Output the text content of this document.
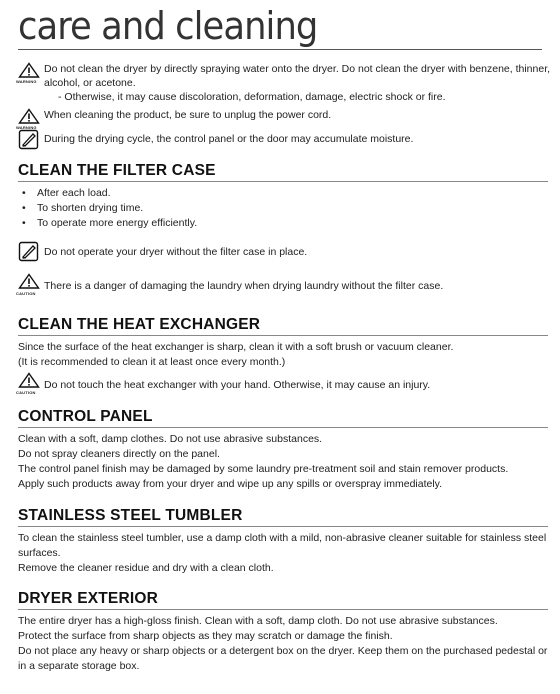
care and cleaning
WARNING
Do not clean the dryer by directly spraying water onto the dryer. Do not clean the dryer with benzene, thinner, alcohol, or acetone.
- Otherwise, it may cause discoloration, deformation, damage, electric shock or fire.
WARNING
When cleaning the product, be sure to unplug the power cord.
During the drying cycle, the control panel or the door may accumulate moisture.
CLEAN THE FILTER CASE
• After each load.
• To shorten drying time.
• To operate more energy efficiently.
Do not operate your dryer without the filter case in place.
CAUTION
There is a danger of damaging the laundry when drying laundry without the filter case.
CLEAN THE HEAT EXCHANGER
Since the surface of the heat exchanger is sharp, clean it with a soft brush or vacuum cleaner.
(It is recommended to clean it at least once every month.)
CAUTION
Do not touch the heat exchanger with your hand. Otherwise, it may cause an injury.
CONTROL PANEL
Clean with a soft, damp clothes. Do not use abrasive substances.
Do not spray cleaners directly on the panel.
The control panel finish may be damaged by some laundry pre-treatment soil and stain remover products.
Apply such products away from your dryer and wipe up any spills or overspray immediately.
STAINLESS STEEL TUMBLER
To clean the stainless steel tumbler, use a damp cloth with a mild, non-abrasive cleaner suitable for stainless steel surfaces.
Remove the cleaner residue and dry with a clean cloth.
DRYER EXTERIOR
The entire dryer has a high-gloss finish. Clean with a soft, damp cloth. Do not use abrasive substances.
Protect the surface from sharp objects as they may scratch or damage the finish.
Do not place any heavy or sharp objects or a detergent box on the dryer. Keep them on the purchased pedestal or in a separate storage box.
